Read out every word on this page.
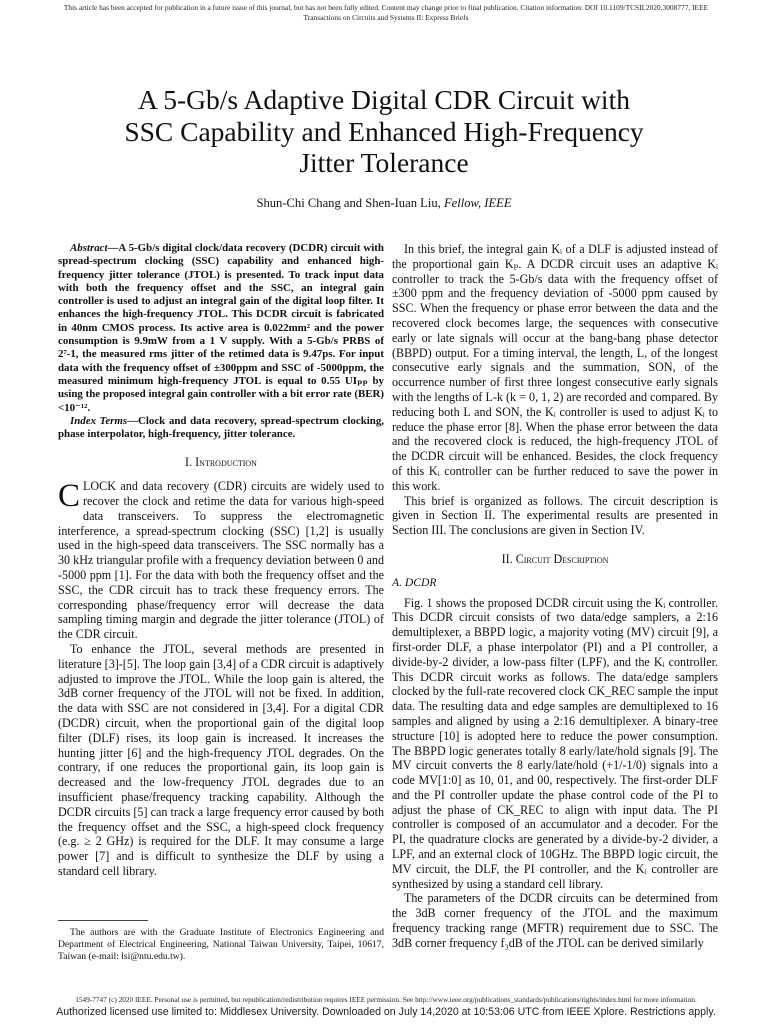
This article has been accepted for publication in a future issue of this journal, but has not been fully edited. Content may change prior to final publication. Citation information: DOI 10.1109/TCSII.2020.3008777, IEEE
Transactions on Circuits and Systems II: Express Briefs
A 5-Gb/s Adaptive Digital CDR Circuit with
SSC Capability and Enhanced High-Frequency
Jitter Tolerance
Shun-Chi Chang and Shen-Iuan Liu, Fellow, IEEE

Abstract—A 5-Gb/s digital clock/data recovery (DCDR) circuit with spread-spectrum clocking (SSC) capability and enhanced high-frequency jitter tolerance (JTOL) is presented. To track input data with both the frequency offset and the SSC, an integral gain controller is used to adjust an integral gain of the digital loop filter. It enhances the high-frequency JTOL. This DCDR circuit is fabricated in 40nm CMOS process. Its active area is 0.022mm² and the power consumption is 9.9mW from a 1 V supply. With a 5-Gb/s PRBS of 2⁷-1, the measured rms jitter of the retimed data is 9.47ps. For input data with the frequency offset of ±300ppm and SSC of -5000ppm, the measured minimum high-frequency JTOL is equal to 0.55 UIₚₚ by using the proposed integral gain controller with a bit error rate (BER) <10⁻¹².

Index Terms—Clock and data recovery, spread-spectrum clocking, phase interpolator, high-frequency, jitter tolerance.

I. Introduction

CLOCK and data recovery (CDR) circuits are widely used to recover the clock and retime the data for various high-speed data transceivers. To suppress the electromagnetic interference, a spread-spectrum clocking (SSC) [1,2] is usually used in the high-speed data transceivers. The SSC normally has a 30 kHz triangular profile with a frequency deviation between 0 and -5000 ppm [1]. For the data with both the frequency offset and the SSC, the CDR circuit has to track these frequency errors. The corresponding phase/frequency error will decrease the data sampling timing margin and degrade the jitter tolerance (JTOL) of the CDR circuit.

To enhance the JTOL, several methods are presented in literature [3]-[5]. The loop gain [3,4] of a CDR circuit is adaptively adjusted to improve the JTOL. While the loop gain is altered, the 3dB corner frequency of the JTOL will not be fixed. In addition, the data with SSC are not considered in [3,4]. For a digital CDR (DCDR) circuit, when the proportional gain of the digital loop filter (DLF) rises, its loop gain is increased. It increases the hunting jitter [6] and the high-frequency JTOL degrades. On the contrary, if one reduces the proportional gain, its loop gain is decreased and the low-frequency JTOL degrades due to an insufficient phase/frequency tracking capability. Although the DCDR circuits [5] can track a large frequency error caused by both the frequency offset and the SSC, a high-speed clock frequency (e.g. ≥ 2 GHz) is required for the DLF. It may consume a large power [7] and is difficult to synthesize the DLF by using a standard cell library.

In this brief, the integral gain Kᵢ of a DLF is adjusted instead of the proportional gain Kₚ. A DCDR circuit uses an adaptive Kᵢ controller to track the 5-Gb/s data with the frequency offset of ±300 ppm and the frequency deviation of -5000 ppm caused by SSC. When the frequency or phase error between the data and the recovered clock becomes large, the sequences with consecutive early or late signals will occur at the bang-bang phase detector (BBPD) output. For a timing interval, the length, L, of the longest consecutive early signals and the summation, SON, of the occurrence number of first three longest consecutive early signals with the lengths of L-k (k = 0, 1, 2) are recorded and compared. By reducing both L and SON, the Kᵢ controller is used to adjust Kᵢ to reduce the phase error [8]. When the phase error between the data and the recovered clock is reduced, the high-frequency JTOL of the DCDR circuit will be enhanced. Besides, the clock frequency of this Kᵢ controller can be further reduced to save the power in this work.

This brief is organized as follows. The circuit description is given in Section II. The experimental results are presented in Section III. The conclusions are given in Section IV.

II. Circuit Description
A. DCDR

Fig. 1 shows the proposed DCDR circuit using the Kᵢ controller. This DCDR circuit consists of two data/edge samplers, a 2:16 demultiplexer, a BBPD logic, a majority voting (MV) circuit [9], a first-order DLF, a phase interpolator (PI) and a PI controller, a divide-by-2 divider, a low-pass filter (LPF), and the Kᵢ controller. This DCDR circuit works as follows. The data/edge samplers clocked by the full-rate recovered clock CK_REC sample the input data. The resulting data and edge samples are demultiplexed to 16 samples and aligned by using a 2:16 demultiplexer. A binary-tree structure [10] is adopted here to reduce the power consumption. The BBPD logic generates totally 8 early/late/hold signals [9]. The MV circuit converts the 8 early/late/hold (+1/-1/0) signals into a code MV[1:0] as 10, 01, and 00, respectively. The first-order DLF and the PI controller update the phase control code of the PI to adjust the phase of CK_REC to align with input data. The PI controller is composed of an accumulator and a decoder. For the PI, the quadrature clocks are generated by a divide-by-2 divider, a LPF, and an external clock of 10GHz. The BBPD logic circuit, the MV circuit, the DLF, the PI controller, and the Kᵢ controller are synthesized by using a standard cell library.

The parameters of the DCDR circuits can be determined from the 3dB corner frequency of the JTOL and the maximum frequency tracking range (MFTR) requirement due to SSC. The 3dB corner frequency f₃dB of the JTOL can be derived similarly

The authors are with the Graduate Institute of Electronics Engineering and Department of Electrical Engineering, National Taiwan University, Taipei, 10617, Taiwan (e-mail: lsi@ntu.edu.tw).

1549-7747 (c) 2020 IEEE. Personal use is permitted, but republication/redistribution requires IEEE permission. See http://www.ieee.org/publications_standards/publications/rights/index.html for more information.
Authorized licensed use limited to: Middlesex University. Downloaded on July 14,2020 at 10:53:06 UTC from IEEE Xplore. Restrictions apply.
